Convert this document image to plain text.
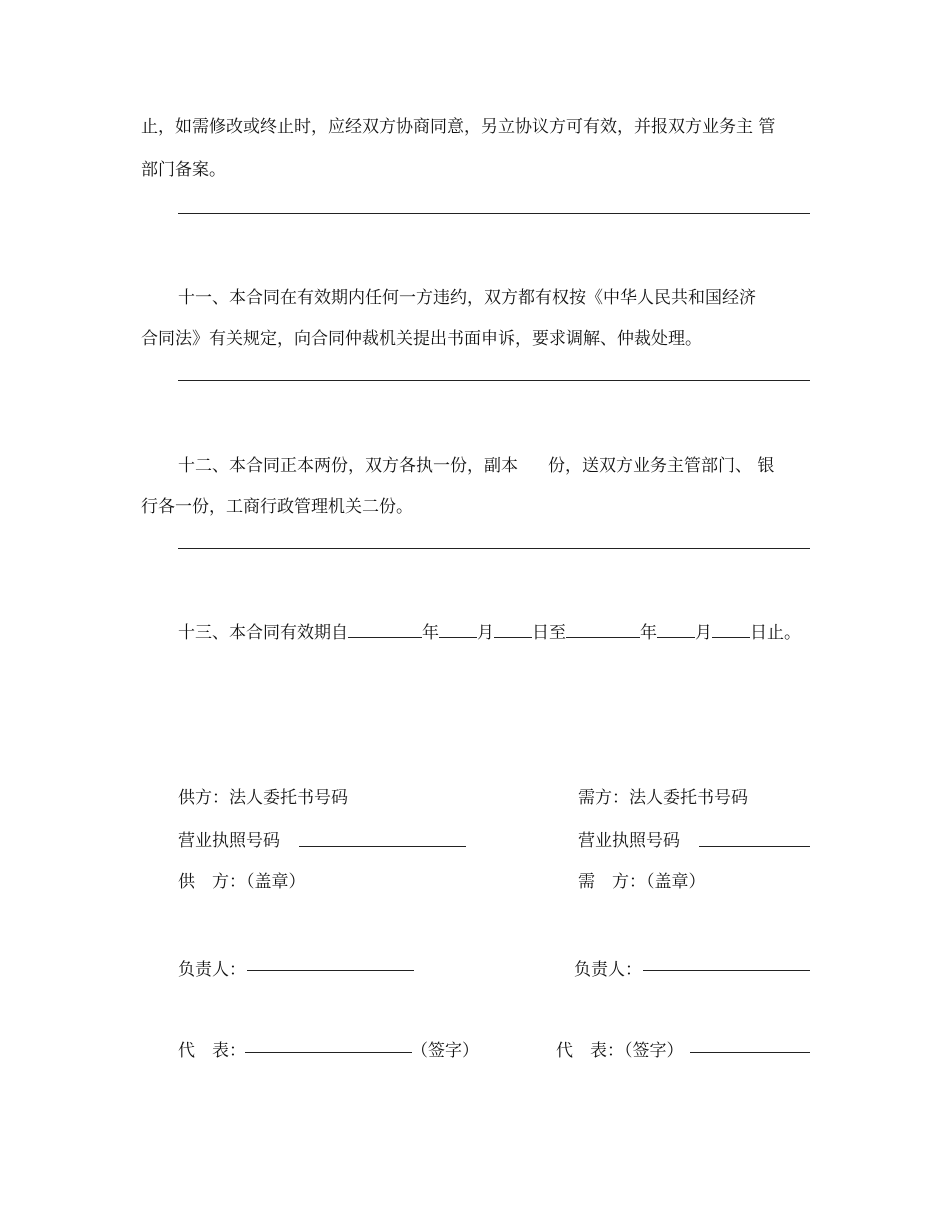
止，如需修改或终止时，应经双方协商同意，另立协议方可有效，并报双方业务主 管
部门备案。
十一、本合同在有效期内任何一方违约，双方都有权按《中华人民共和国经济
合同法》有关规定，向合同仲裁机关提出书面申诉，要求调解、仲裁处理。
十二、本合同正本两份，双方各执一份，副本 份，送双方业务主管部门、 银
行各一份，工商行政管理机关二份。
十三、本合同有效期自	年 月 日至	年 月 日止。
供方：法人委托书号码	需方：法人委托书号码
营业执照号码	营业执照号码
供　方：（盖章）	需　方：（盖章）
负责人：	负责人：
代　表：	（签字）	代　表：（签字）
